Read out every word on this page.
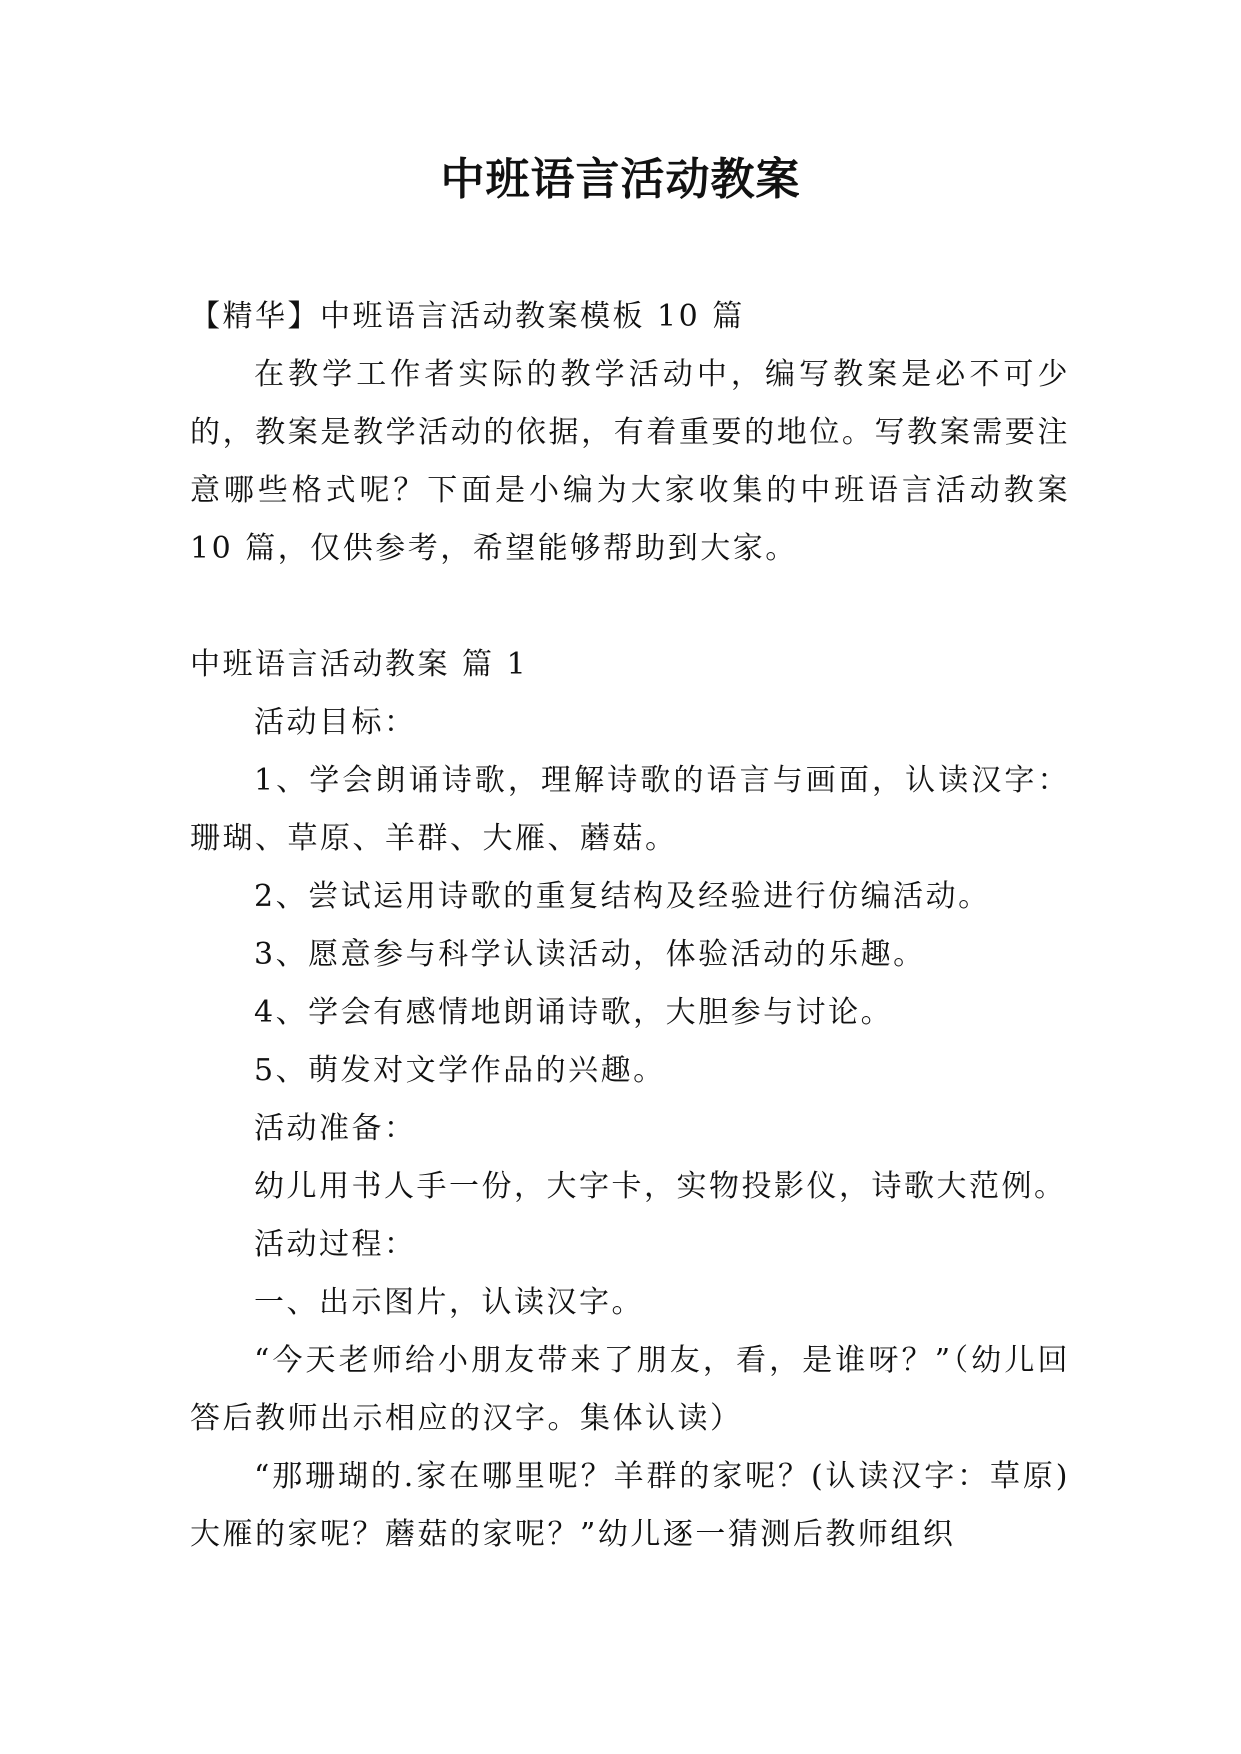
中班语言活动教案

【精华】中班语言活动教案模板 10 篇

在教学工作者实际的教学活动中，编写教案是必不可少的，教案是教学活动的依据，有着重要的地位。写教案需要注意哪些格式呢？下面是小编为大家收集的中班语言活动教案 10 篇，仅供参考，希望能够帮助到大家。

中班语言活动教案 篇 1

活动目标：

1、学会朗诵诗歌，理解诗歌的语言与画面，认读汉字：珊瑚、草原、羊群、大雁、蘑菇。

2、尝试运用诗歌的重复结构及经验进行仿编活动。

3、愿意参与科学认读活动，体验活动的乐趣。

4、学会有感情地朗诵诗歌，大胆参与讨论。

5、萌发对文学作品的兴趣。

活动准备：

幼儿用书人手一份，大字卡，实物投影仪，诗歌大范例。

活动过程：

一、出示图片，认读汉字。

“今天老师给小朋友带来了朋友，看，是谁呀？”（幼儿回答后教师出示相应的汉字。集体认读）

“那珊瑚的.家在哪里呢？羊群的家呢？(认读汉字：草原) 大雁的家呢？蘑菇的家呢？”幼儿逐一猜测后教师组织
